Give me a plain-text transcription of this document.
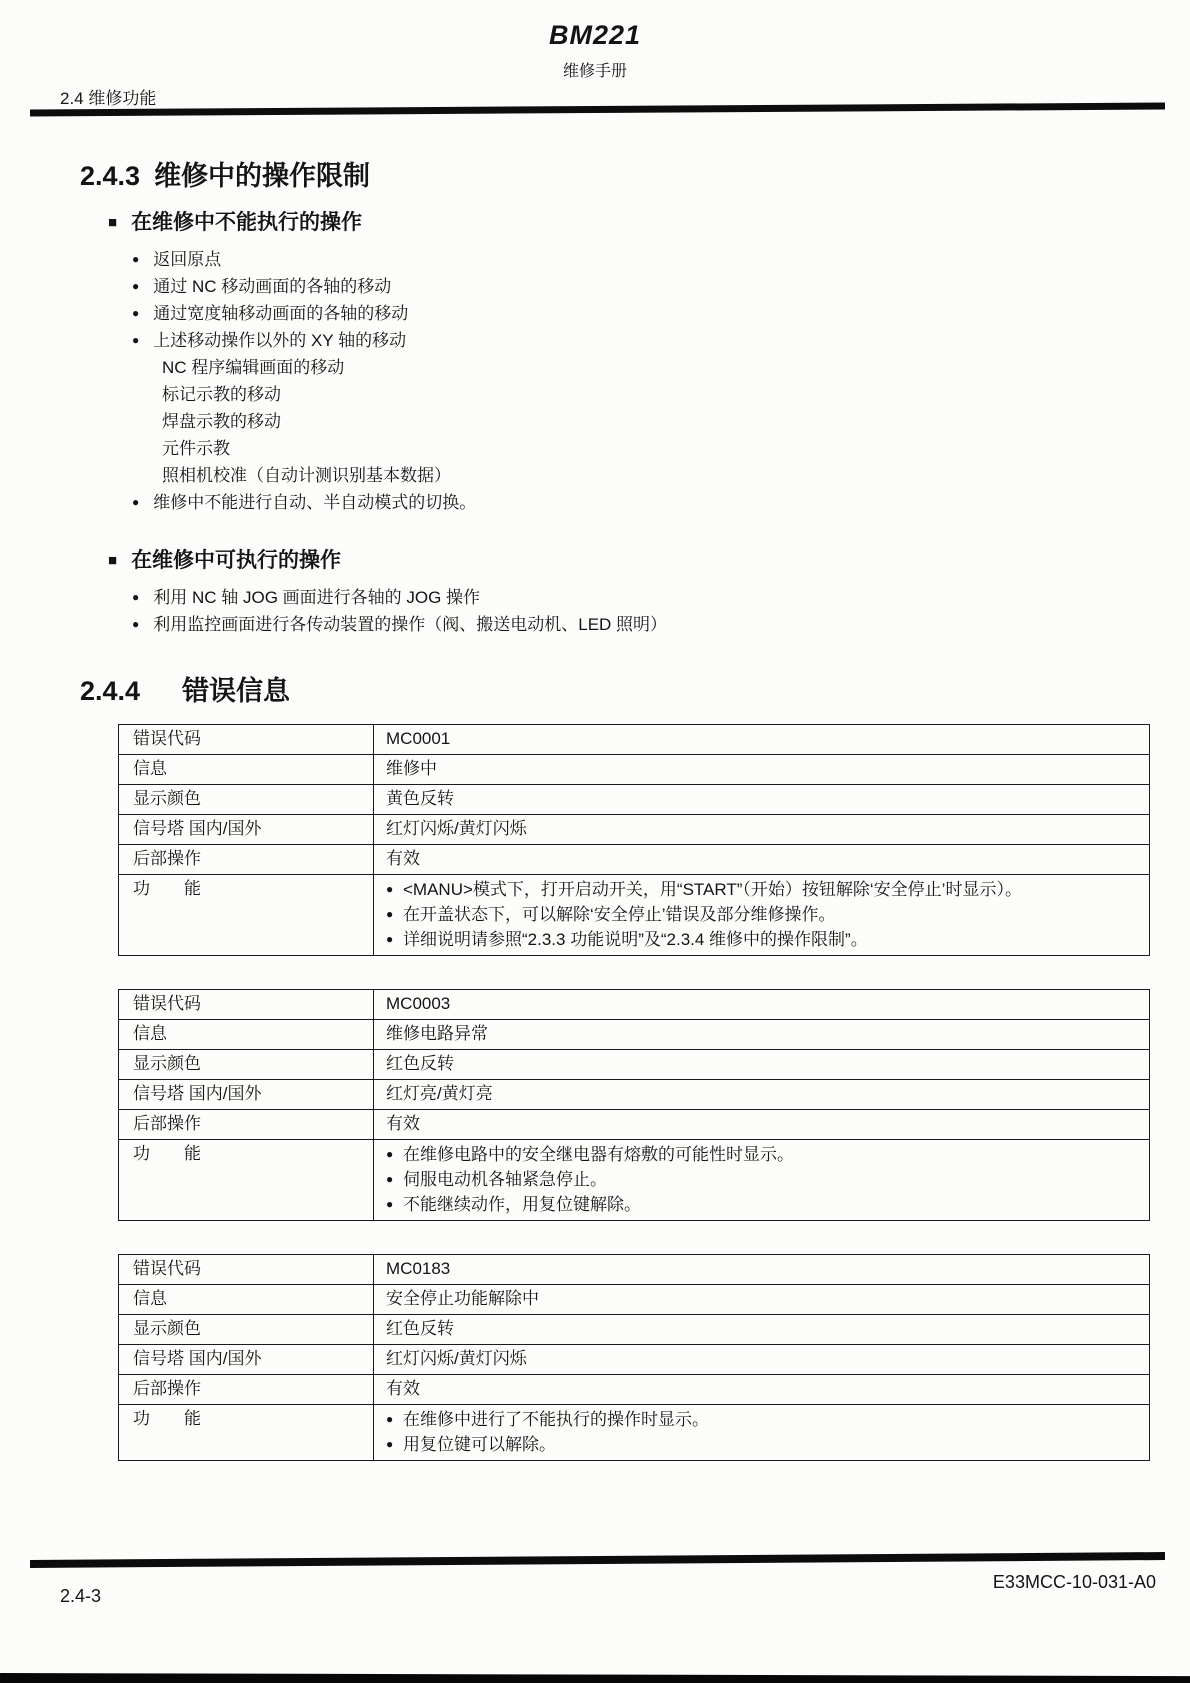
BM221
维修手册
2.4 维修功能
2.4.3 维修中的操作限制
■ 在维修中不能执行的操作
● 返回原点
● 通过 NC 移动画面的各轴的移动
● 通过宽度轴移动画面的各轴的移动
● 上述移动操作以外的 XY 轴的移动
NC 程序编辑画面的移动
标记示教的移动
焊盘示教的移动
元件示教
照相机校准（自动计测识别基本数据）
● 维修中不能进行自动、半自动模式的切换。
■ 在维修中可执行的操作
● 利用 NC 轴 JOG 画面进行各轴的 JOG 操作
● 利用监控画面进行各传动装置的操作（阀、搬送电动机、LED 照明）
2.4.4 错误信息
错误代码	MC0001
信息	维修中
显示颜色	黄色反转
信号塔 国内/国外	红灯闪烁/黄灯闪烁
后部操作	有效
功　　能	● <MANU>模式下，打开启动开关，用“START”（开始）按钮解除‘安全停止’时显示）。
● 在开盖状态下，可以解除‘安全停止’错误及部分维修操作。
● 详细说明请参照“2.3.3 功能说明”及“2.3.4 维修中的操作限制”。
错误代码	MC0003
信息	维修电路异常
显示颜色	红色反转
信号塔 国内/国外	红灯亮/黄灯亮
后部操作	有效
功　　能	● 在维修电路中的安全继电器有熔敷的可能性时显示。
● 伺服电动机各轴紧急停止。
● 不能继续动作，用复位键解除。
错误代码	MC0183
信息	安全停止功能解除中
显示颜色	红色反转
信号塔 国内/国外	红灯闪烁/黄灯闪烁
后部操作	有效
功　　能	● 在维修中进行了不能执行的操作时显示。
● 用复位键可以解除。
2.4-3
E33MCC-10-031-A0
